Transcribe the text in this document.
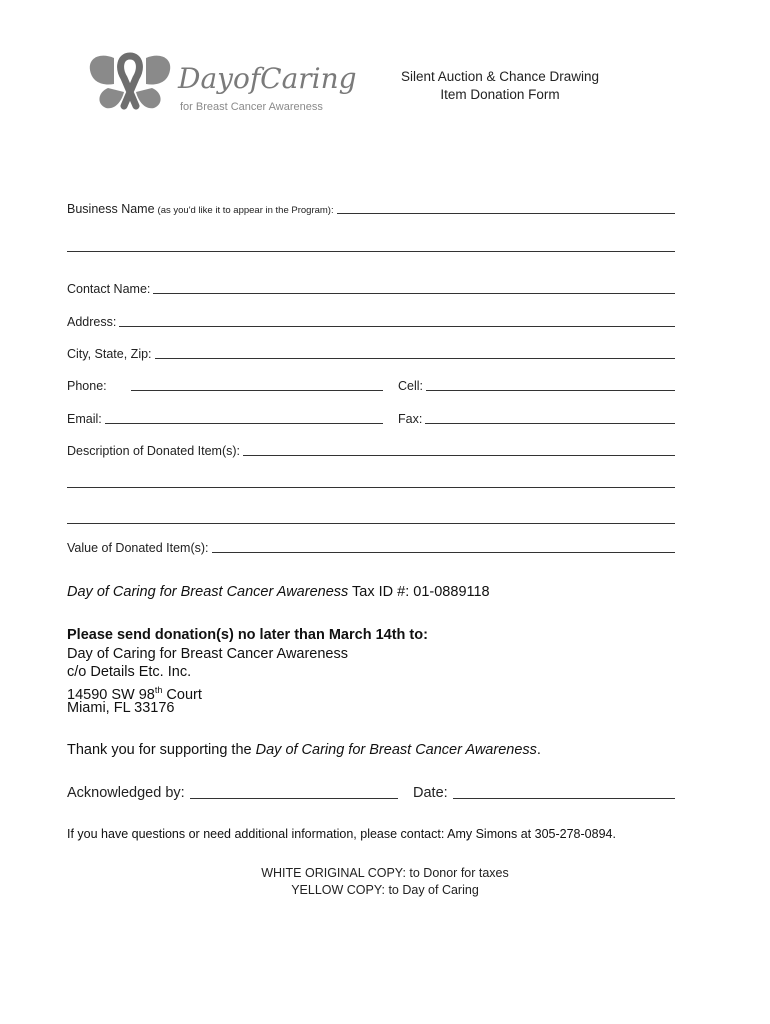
DayofCaring
for Breast Cancer Awareness
Silent Auction & Chance Drawing
Item Donation Form
Business Name (as you'd like it to appear in the Program):
Contact Name:
Address:
City, State, Zip:
Phone:	Cell:
Email:	Fax:
Description of Donated Item(s):
Value of Donated Item(s):
Day of Caring for Breast Cancer Awareness Tax ID #: 01-0889118
Please send donation(s) no later than March 14th to:
Day of Caring for Breast Cancer Awareness
c/o Details Etc. Inc.
14590 SW 98th Court
Miami, FL 33176
Thank you for supporting the Day of Caring for Breast Cancer Awareness.
Acknowledged by:	Date:
If you have questions or need additional information, please contact: Amy Simons at 305-278-0894.
WHITE ORIGINAL COPY: to Donor for taxes
YELLOW COPY: to Day of Caring
